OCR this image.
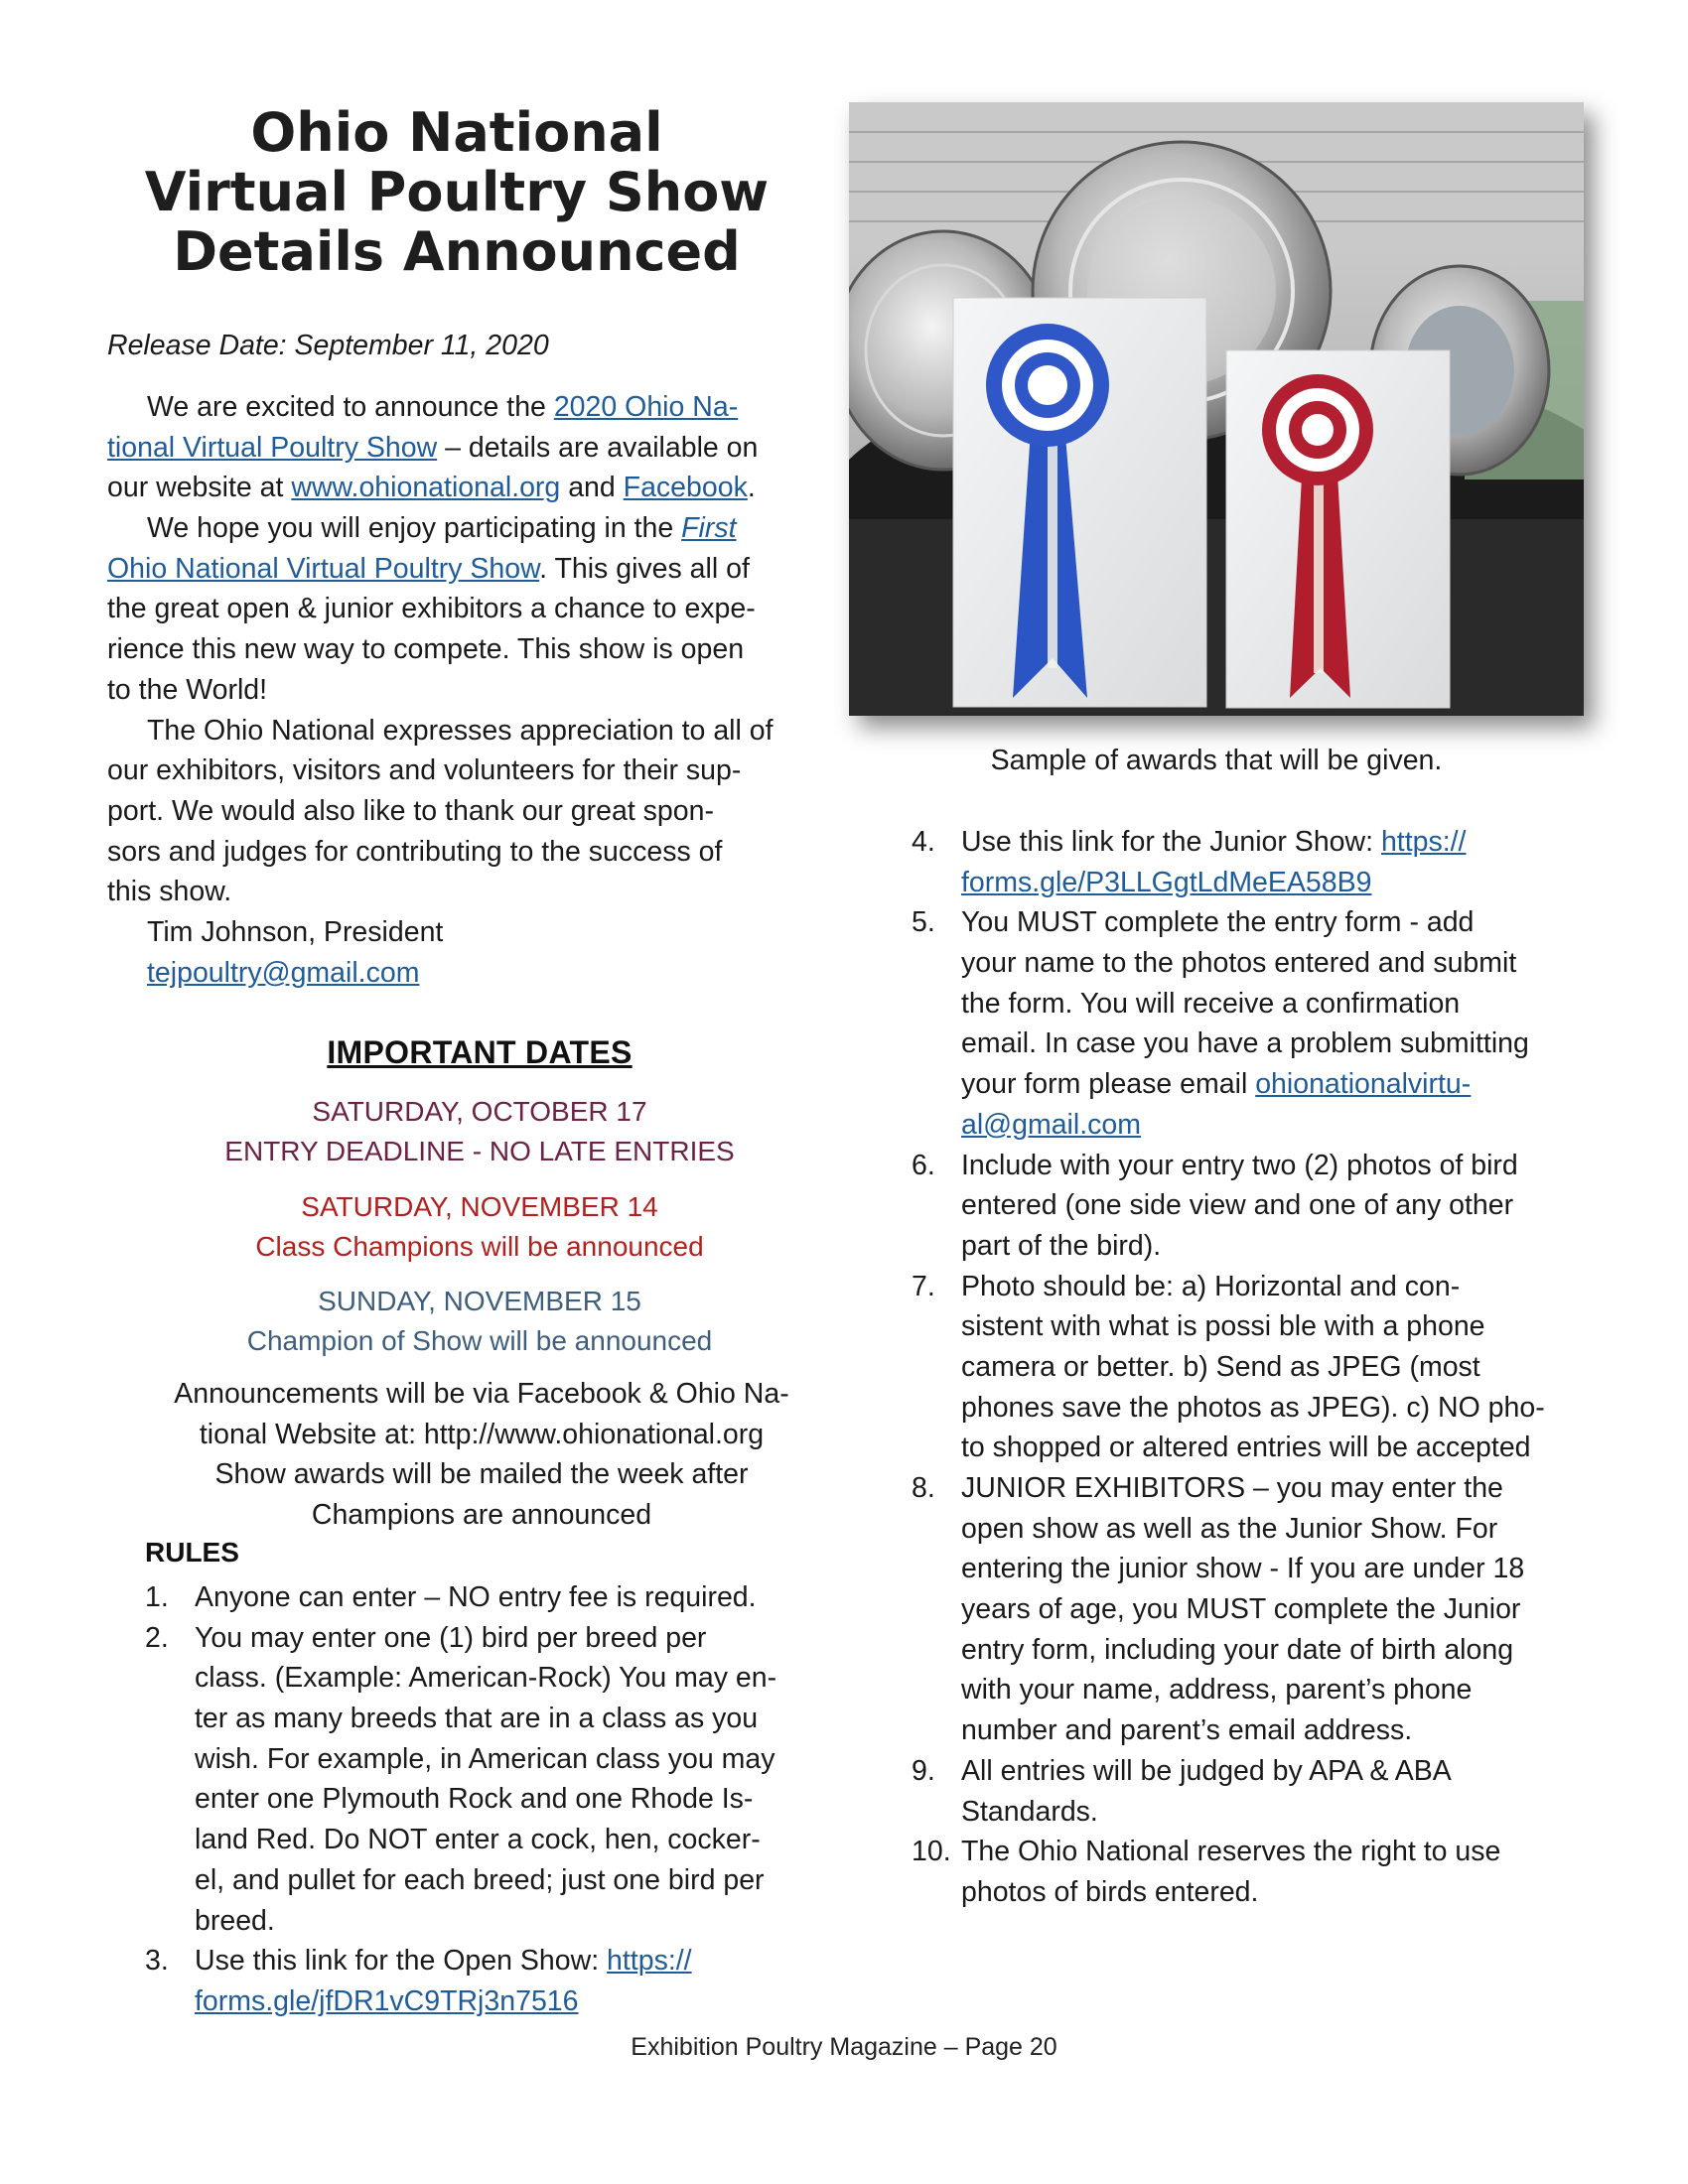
Ohio National
Virtual Poultry Show
Details Announced
Release Date: September 11, 2020
We are excited to announce the 2020 Ohio Na-
tional Virtual Poultry Show – details are available on
our website at www.ohionational.org and Facebook.
We hope you will enjoy participating in the First
Ohio National Virtual Poultry Show. This gives all of
the great open & junior exhibitors a chance to expe-
rience this new way to compete. This show is open
to the World!
The Ohio National expresses appreciation to all of
our exhibitors, visitors and volunteers for their sup-
port. We would also like to thank our great spon-
sors and judges for contributing to the success of
this show.
Tim Johnson, President
tejpoultry@gmail.com
IMPORTANT DATES
SATURDAY, OCTOBER 17
ENTRY DEADLINE - NO LATE ENTRIES
SATURDAY, NOVEMBER 14
Class Champions will be announced
SUNDAY, NOVEMBER 15
Champion of Show will be announced
Announcements will be via Facebook & Ohio Na-
tional Website at: http://www.ohionational.org
Show awards will be mailed the week after
Champions are announced
RULES
1. Anyone can enter – NO entry fee is required.
2. You may enter one (1) bird per breed per
class. (Example: American-Rock) You may en-
ter as many breeds that are in a class as you
wish. For example, in American class you may
enter one Plymouth Rock and one Rhode Is-
land Red. Do NOT enter a cock, hen, cocker-
el, and pullet for each breed; just one bird per
breed.
3. Use this link for the Open Show: https://
forms.gle/jfDR1vC9TRj3n7516
Sample of awards that will be given.
4. Use this link for the Junior Show: https://
forms.gle/P3LLGgtLdMeEA58B9
5. You MUST complete the entry form - add
your name to the photos entered and submit
the form. You will receive a confirmation
email. In case you have a problem submitting
your form please email ohionationalvirtu-
al@gmail.com
6. Include with your entry two (2) photos of bird
entered (one side view and one of any other
part of the bird).
7. Photo should be: a) Horizontal and con-
sistent with what is possi ble with a phone
camera or better. b) Send as JPEG (most
phones save the photos as JPEG). c) NO pho-
to shopped or altered entries will be accepted
8. JUNIOR EXHIBITORS – you may enter the
open show as well as the Junior Show. For
entering the junior show - If you are under 18
years of age, you MUST complete the Junior
entry form, including your date of birth along
with your name, address, parent’s phone
number and parent’s email address.
9. All entries will be judged by APA & ABA
Standards.
10. The Ohio National reserves the right to use
photos of birds entered.
Exhibition Poultry Magazine – Page 20
